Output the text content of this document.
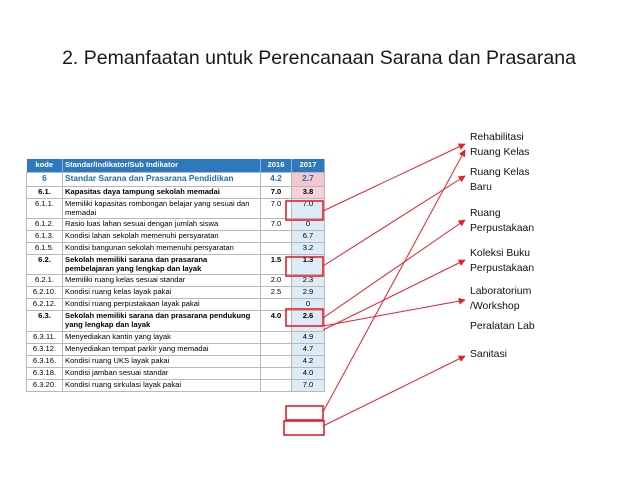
2. Pemanfaatan untuk Perencanaan Sarana dan Prasarana
kode	Standar/Indikator/Sub Indikator	2016	2017
6	Standar Sarana dan Prasarana Pendidikan	4.2	2.7
6.1.	Kapasitas daya tampung sekolah memadai	7.0	3.8
6.1.1.	Memiliki kapasitas rombongan belajar yang sesuai dan memadai	7.0	7.0
6.1.2.	Rasio luas lahan sesuai dengan jumlah siswa	7.0	0
6.1.3.	Kondisi lahan sekolah memenuhi persyaratan		6.7
6.1.5.	Kondisi bangunan sekolah memenuhi persyaratan		3.2
6.2.	Sekolah memiliki sarana dan prasarana pembelajaran yang lengkap dan layak	1.5	1.3
6.2.1.	Memiliki ruang kelas sesuai standar	2.0	2.3
6.2.10.	Kondisi ruang kelas layak pakai	2.5	2.9
6.2.12.	Kondisi ruang perpustakaan layak pakai		0
6.3.	Sekolah memiliki sarana dan prasarana pendukung yang lengkap dan layak	4.0	2.6
6.3.11.	Menyediakan kantin yang layak		4.9
6.3.12.	Menyediakan tempat parkir yang memadai		4.7
6.3.16.	Kondisi ruang UKS layak pakai		4.2
6.3.18.	Kondisi jamban sesuai standar		4.0
6.3.20.	Kondisi ruang sirkulasi layak pakai		7.0
Rehabilitasi
Ruang Kelas
Ruang Kelas
Baru
Ruang
Perpustakaan
Koleksi Buku
Perpustakaan
Laboratorium
/Workshop
Peralatan Lab
Sanitasi
